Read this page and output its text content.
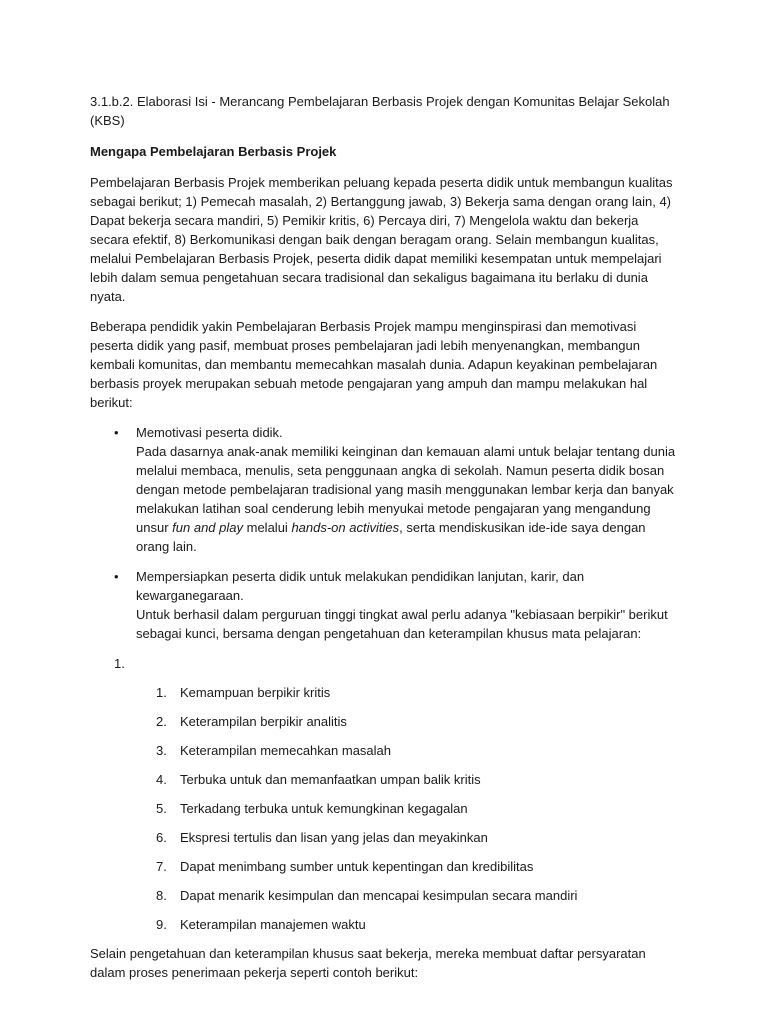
3.1.b.2. Elaborasi Isi - Merancang Pembelajaran Berbasis Projek dengan Komunitas Belajar Sekolah (KBS)
Mengapa Pembelajaran Berbasis Projek

Pembelajaran Berbasis Projek memberikan peluang kepada peserta didik untuk membangun kualitas sebagai berikut; 1) Pemecah masalah, 2) Bertanggung jawab, 3) Bekerja sama dengan orang lain, 4) Dapat bekerja secara mandiri, 5) Pemikir kritis, 6) Percaya diri, 7) Mengelola waktu dan bekerja secara efektif, 8) Berkomunikasi dengan baik dengan beragam orang. Selain membangun kualitas, melalui Pembelajaran Berbasis Projek, peserta didik dapat memiliki kesempatan untuk mempelajari lebih dalam semua pengetahuan secara tradisional dan sekaligus bagaimana itu berlaku di dunia nyata.

Beberapa pendidik yakin Pembelajaran Berbasis Projek mampu menginspirasi dan memotivasi peserta didik yang pasif, membuat proses pembelajaran jadi lebih menyenangkan, membangun kembali komunitas, dan membantu memecahkan masalah dunia. Adapun keyakinan pembelajaran berbasis proyek merupakan sebuah metode pengajaran yang ampuh dan mampu melakukan hal berikut:

• Memotivasi peserta didik.
Pada dasarnya anak-anak memiliki keinginan dan kemauan alami untuk belajar tentang dunia melalui membaca, menulis, seta penggunaan angka di sekolah. Namun peserta didik bosan dengan metode pembelajaran tradisional yang masih menggunakan lembar kerja dan banyak melakukan latihan soal cenderung lebih menyukai metode pengajaran yang mengandung unsur fun and play melalui hands-on activities, serta mendiskusikan ide-ide saya dengan orang lain.
• Mempersiapkan peserta didik untuk melakukan pendidikan lanjutan, karir, dan kewarganegaraan.
Untuk berhasil dalam perguruan tinggi tingkat awal perlu adanya "kebiasaan berpikir" berikut sebagai kunci, bersama dengan pengetahuan dan keterampilan khusus mata pelajaran:
1.
1. Kemampuan berpikir kritis
2. Keterampilan berpikir analitis
3. Keterampilan memecahkan masalah
4. Terbuka untuk dan memanfaatkan umpan balik kritis
5. Terkadang terbuka untuk kemungkinan kegagalan
6. Ekspresi tertulis dan lisan yang jelas dan meyakinkan
7. Dapat menimbang sumber untuk kepentingan dan kredibilitas
8. Dapat menarik kesimpulan dan mencapai kesimpulan secara mandiri
9. Keterampilan manajemen waktu

Selain pengetahuan dan keterampilan khusus saat bekerja, mereka membuat daftar persyaratan dalam proses penerimaan pekerja seperti contoh berikut:
